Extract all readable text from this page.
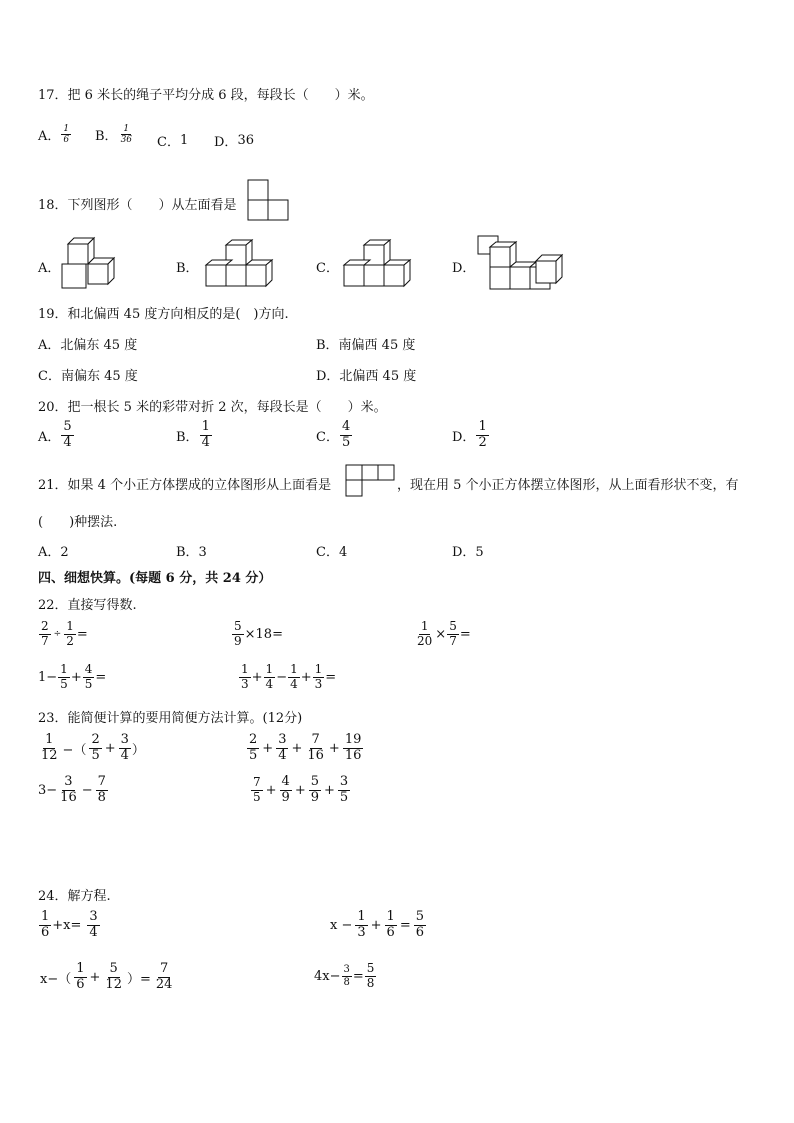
17．把 6 米长的绳子平均分成 6 段，每段长（　　）米。
A． $\frac{1}{6}$ B． $\frac{1}{36}$ C． 1 D． 36
18．下列图形（　　）从左面看是
A．	B．	C．	D．
19．和北偏西 45 度方向相反的是(　)方向.
A．北偏东 45 度	B．南偏西 45 度
C．南偏东 45 度	D．北偏西 45 度
20．把一根长 5 米的彩带对折 2 次，每段长是（　　）米。
A． $\frac{5}{4}$	B． $\frac{1}{4}$	C． $\frac{4}{5}$	D． $\frac{1}{2}$
21．如果 4 个小正方体摆成的立体图形从上面看是	，现在用 5 个小正方体摆立体图形，从上面看形状不变，有
(　　)种摆法.
A．2	B．3	C．4	D．5
四、细想快算。(每题 6 分，共 24 分）
22．直接写得数.
$\frac{2}{7} \div \frac{1}{2}$ =	$\frac{5}{9} \times 18=$	$\frac{1}{20} \times \frac{5}{7}$ =
$1- \frac{1}{5} + \frac{4}{5}$ =	$\frac{1}{3} + \frac{1}{4} - \frac{1}{4} + \frac{1}{3}$ =
23．能简便计算的要用简便方法计算。(12分)
$\frac{1}{12}$ −（ $\frac{2}{5} + \frac{3}{4}$ ）	$\frac{2}{5} + \frac{3}{4} + \frac{7}{16} + \frac{19}{16}$
$3- \frac{3}{16} - \frac{7}{8}$	$\frac{7}{5} + \frac{4}{9} + \frac{5}{9} + \frac{3}{5}$
24．解方程.
$\frac{1}{6} +x= \frac{3}{4}$	$x - \frac{1}{3} + \frac{1}{6} = \frac{5}{6}$
$x-( \frac{1}{6} + \frac{5}{12}$ ）= $\frac{7}{24}$	$4x- \frac{3}{8} = \frac{5}{8}$
